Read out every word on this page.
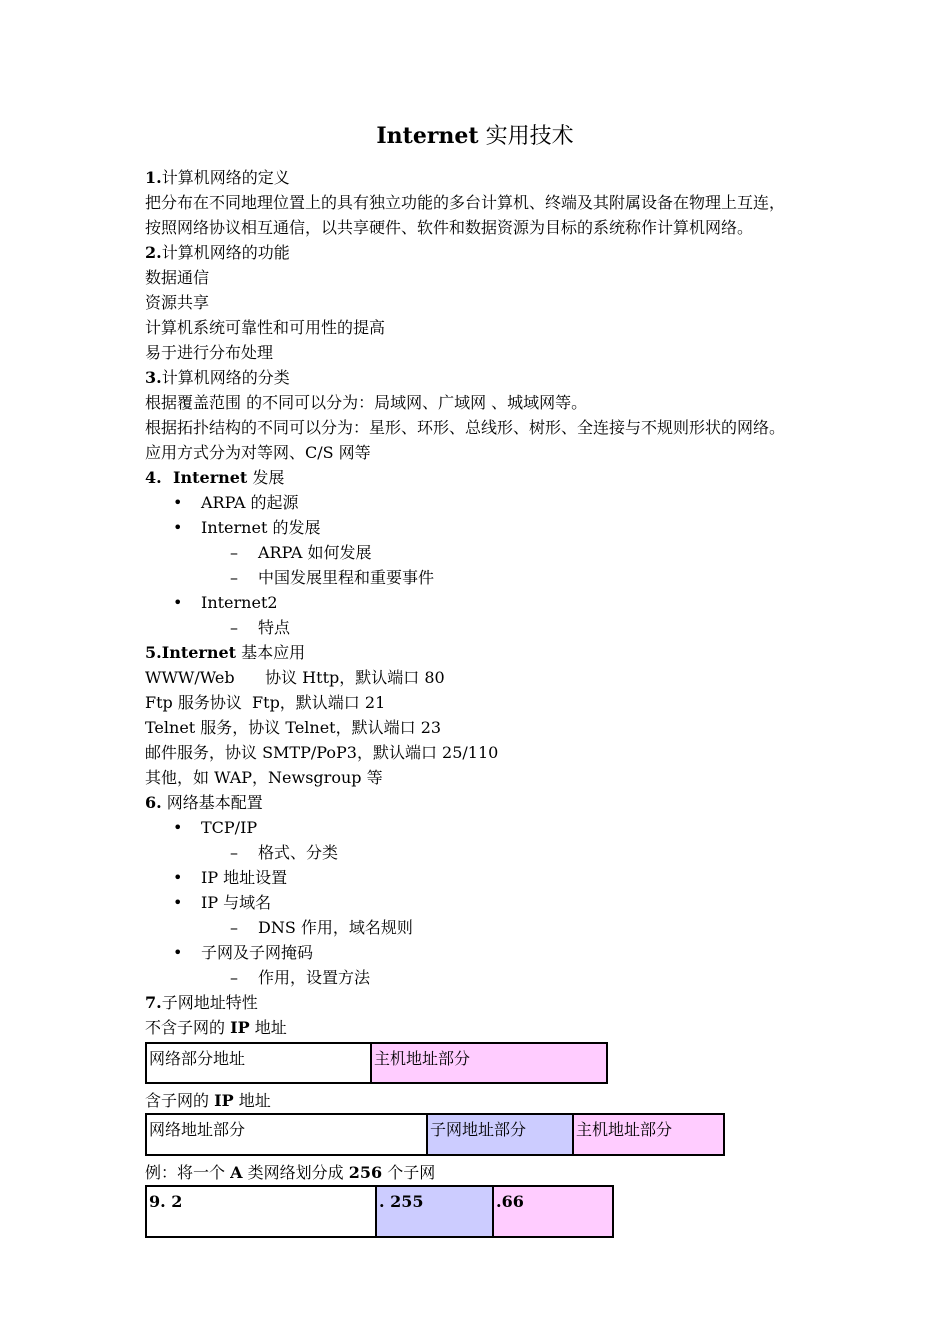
Internet 实用技术
1.计算机网络的定义
把分布在不同地理位置上的具有独立功能的多台计算机、终端及其附属设备在物理上互连，
按照网络协议相互通信，以共享硬件、软件和数据资源为目标的系统称作计算机网络。
2.计算机网络的功能
数据通信
资源共享
计算机系统可靠性和可用性的提高
易于进行分布处理
3.计算机网络的分类
根据覆盖范围 的不同可以分为：局域网、广域网 、城域网等。
根据拓扑结构的不同可以分为：星形、环形、总线形、树形、全连接与不规则形状的网络。
应用方式分为对等网、C/S 网等
4. Internet 发展
• ARPA 的起源
• Internet 的发展
– ARPA 如何发展
– 中国发展里程和重要事件
• Internet2
– 特点
5.Internet 基本应用
WWW/Web      协议 Http，默认端口 80
Ftp 服务协议  Ftp，默认端口 21
Telnet 服务，协议 Telnet，默认端口 23
邮件服务，协议 SMTP/PoP3，默认端口 25/110
其他，如 WAP，Newsgroup 等
6. 网络基本配置
• TCP/IP
– 格式、分类
• IP 地址设置
• IP 与域名
– DNS 作用，域名规则
• 子网及子网掩码
– 作用，设置方法
7.子网地址特性
不含子网的 IP 地址
网络部分地址	主机地址部分
含子网的 IP 地址
网络地址部分	子网地址部分	主机地址部分
例：将一个 A 类网络划分成 256 个子网
9. 2	. 255	.66
